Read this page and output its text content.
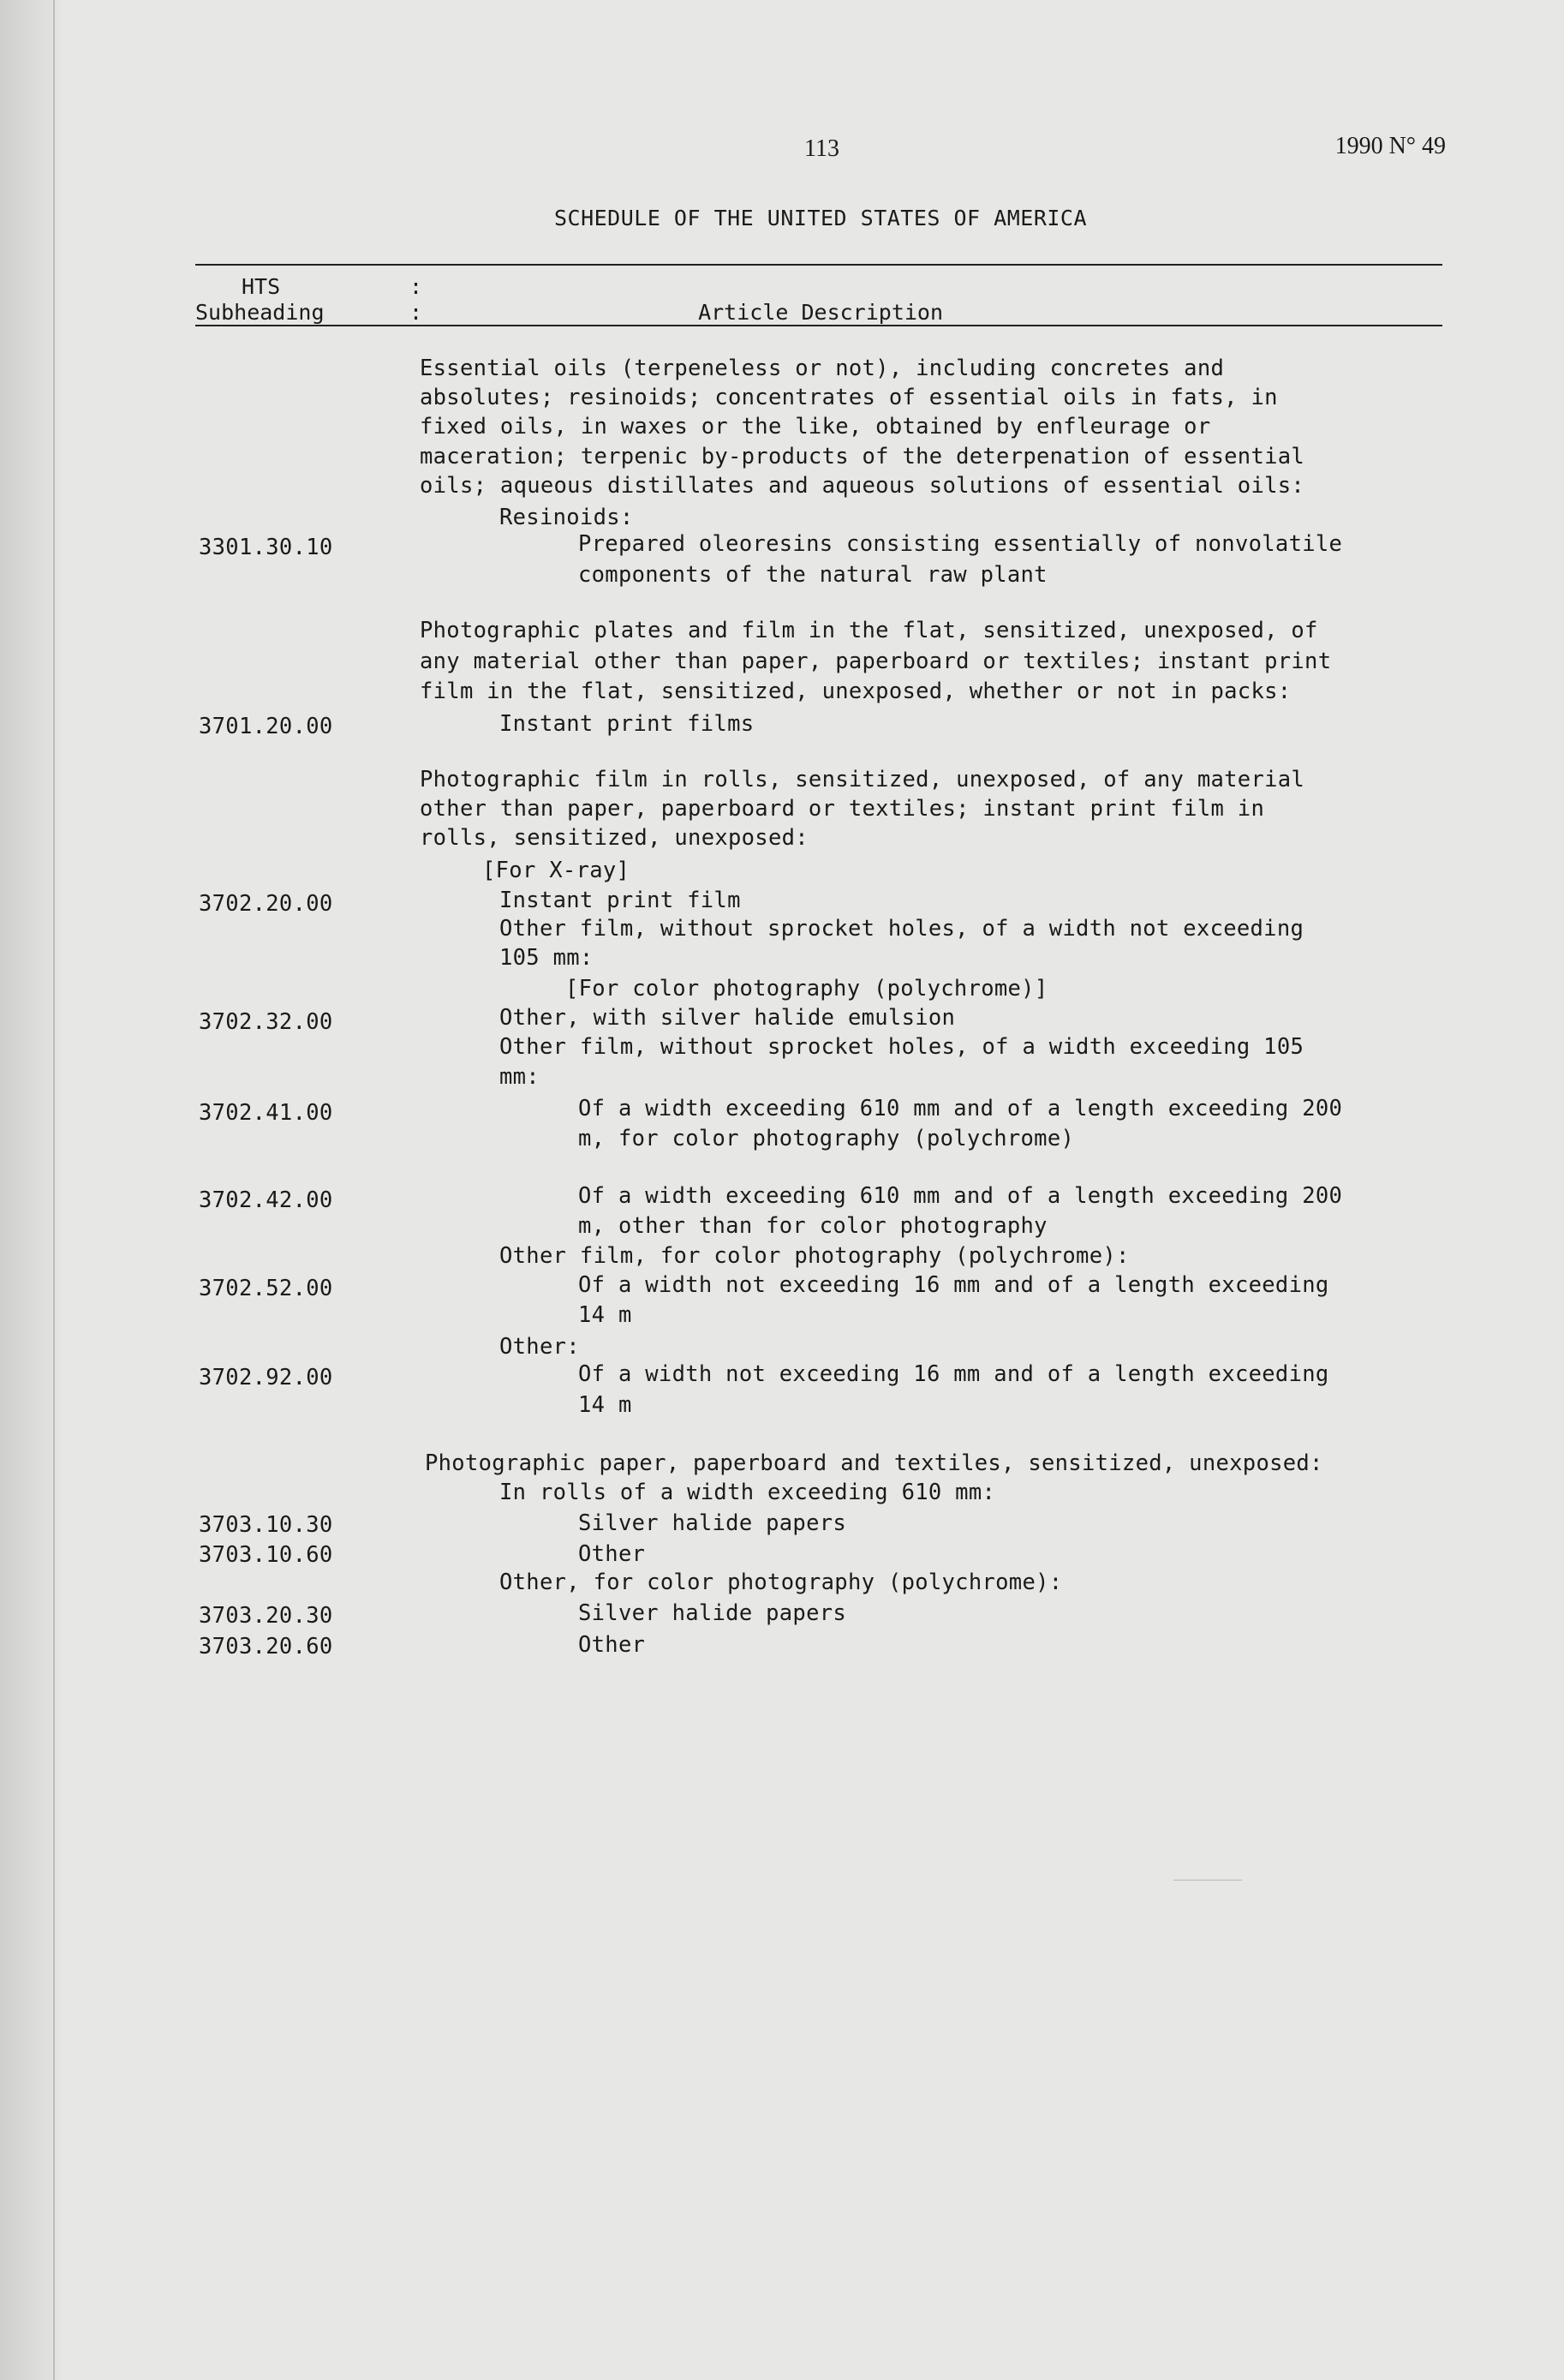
113	1990 N° 49
SCHEDULE OF THE UNITED STATES OF AMERICA
HTS	:
Subheading	:	Article Description
Essential oils (terpeneless or not), including concretes and
absolutes; resinoids; concentrates of essential oils in fats, in
fixed oils, in waxes or the like, obtained by enfleurage or
maceration; terpenic by-products of the deterpenation of essential
oils; aqueous distillates and aqueous solutions of essential oils:
Resinoids:
3301.30.10	Prepared oleoresins consisting essentially of nonvolatile
components of the natural raw plant
Photographic plates and film in the flat, sensitized, unexposed, of
any material other than paper, paperboard or textiles; instant print
film in the flat, sensitized, unexposed, whether or not in packs:
3701.20.00	Instant print films
Photographic film in rolls, sensitized, unexposed, of any material
other than paper, paperboard or textiles; instant print film in
rolls, sensitized, unexposed:
[For X-ray]
3702.20.00	Instant print film
Other film, without sprocket holes, of a width not exceeding
105 mm:
[For color photography (polychrome)]
3702.32.00	Other, with silver halide emulsion
Other film, without sprocket holes, of a width exceeding 105
mm:
3702.41.00	Of a width exceeding 610 mm and of a length exceeding 200
m, for color photography (polychrome)
3702.42.00	Of a width exceeding 610 mm and of a length exceeding 200
m, other than for color photography
Other film, for color photography (polychrome):
3702.52.00	Of a width not exceeding 16 mm and of a length exceeding
14 m
Other:
3702.92.00	Of a width not exceeding 16 mm and of a length exceeding
14 m
Photographic paper, paperboard and textiles, sensitized, unexposed:
In rolls of a width exceeding 610 mm:
3703.10.30	Silver halide papers
3703.10.60	Other
Other, for color photography (polychrome):
3703.20.30	Silver halide papers
3703.20.60	Other
